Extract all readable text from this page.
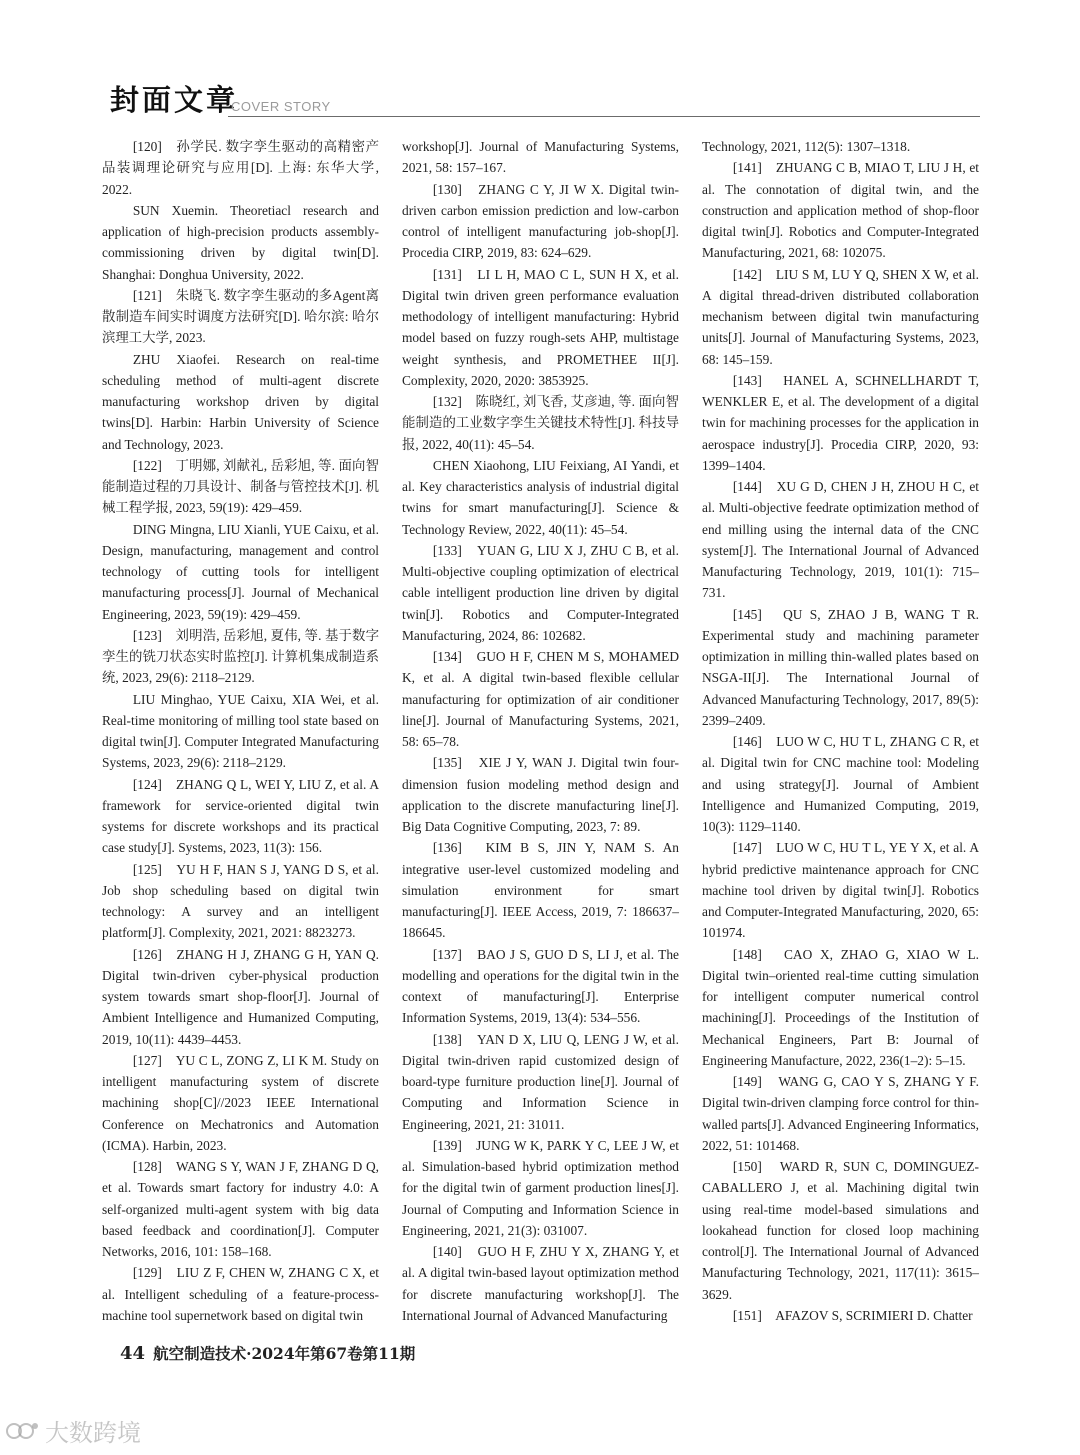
封面文章
COVER STORY

[120]　孙学民. 数字孪生驱动的高精密产品装调理论研究与应用[D]. 上海: 东华大学, 2022.

SUN Xuemin. Theoretiacl research and application of high-precision products assembly-commissioning driven by digital twin[D]. Shanghai: Donghua University, 2022.

[121]　朱晓飞. 数字孪生驱动的多Agent离散制造车间实时调度方法研究[D]. 哈尔滨: 哈尔滨理工大学, 2023.

ZHU Xiaofei. Research on real-time scheduling method of multi-agent discrete manufacturing workshop driven by digital twins[D]. Harbin: Harbin University of Science and Technology, 2023.

[122]　丁明娜, 刘献礼, 岳彩旭, 等. 面向智能制造过程的刀具设计、制备与管控技术[J]. 机械工程学报, 2023, 59(19): 429–459.

DING Mingna, LIU Xianli, YUE Caixu, et al. Design, manufacturing, management and control technology of cutting tools for intelligent manufacturing process[J]. Journal of Mechanical Engineering, 2023, 59(19): 429–459.

[123]　刘明浩, 岳彩旭, 夏伟, 等. 基于数字孪生的铣刀状态实时监控[J]. 计算机集成制造系统, 2023, 29(6): 2118–2129.

LIU Minghao, YUE Caixu, XIA Wei, et al. Real-time monitoring of milling tool state based on digital twin[J]. Computer Integrated Manufacturing Systems, 2023, 29(6): 2118–2129.

[124]　ZHANG Q L, WEI Y, LIU Z, et al. A framework for service-oriented digital twin systems for discrete workshops and its practical case study[J]. Systems, 2023, 11(3): 156.

[125]　YU H F, HAN S J, YANG D S, et al. Job shop scheduling based on digital twin technology: A survey and an intelligent platform[J]. Complexity, 2021, 2021: 8823273.

[126]　ZHANG H J, ZHANG G H, YAN Q. Digital twin-driven cyber-physical production system towards smart shop-floor[J]. Journal of Ambient Intelligence and Humanized Computing, 2019, 10(11): 4439–4453.

[127]　YU C L, ZONG Z, LI K M. Study on intelligent manufacturing system of discrete machining shop[C]//2023 IEEE International Conference on Mechatronics and Automation (ICMA). Harbin, 2023.

[128]　WANG S Y, WAN J F, ZHANG D Q, et al. Towards smart factory for industry 4.0: A self-organized multi-agent system with big data based feedback and coordination[J]. Computer Networks, 2016, 101: 158–168.

[129]　LIU Z F, CHEN W, ZHANG C X, et al. Intelligent scheduling of a feature-process-machine tool supernetwork based on digital twin

workshop[J]. Journal of Manufacturing Systems, 2021, 58: 157–167.

[130]　ZHANG C Y, JI W X. Digital twin-driven carbon emission prediction and low-carbon control of intelligent manufacturing job-shop[J]. Procedia CIRP, 2019, 83: 624–629.

[131]　LI L H, MAO C L, SUN H X, et al. Digital twin driven green performance evaluation methodology of intelligent manufacturing: Hybrid model based on fuzzy rough-sets AHP, multistage weight synthesis, and PROMETHEE II[J]. Complexity, 2020, 2020: 3853925.

[132]　陈晓红, 刘飞香, 艾彦迪, 等. 面向智能制造的工业数字孪生关键技术特性[J]. 科技导报, 2022, 40(11): 45–54.

CHEN Xiaohong, LIU Feixiang, AI Yandi, et al. Key characteristics analysis of industrial digital twins for smart manufacturing[J]. Science & Technology Review, 2022, 40(11): 45–54.

[133]　YUAN G, LIU X J, ZHU C B, et al. Multi-objective coupling optimization of electrical cable intelligent production line driven by digital twin[J]. Robotics and Computer-Integrated Manufacturing, 2024, 86: 102682.

[134]　GUO H F, CHEN M S, MOHAMED K, et al. A digital twin-based flexible cellular manufacturing for optimization of air conditioner line[J]. Journal of Manufacturing Systems, 2021, 58: 65–78.

[135]　XIE J Y, WAN J. Digital twin four-dimension fusion modeling method design and application to the discrete manufacturing line[J]. Big Data Cognitive Computing, 2023, 7: 89.

[136]　KIM B S, JIN Y, NAM S. An integrative user-level customized modeling and simulation environment for smart manufacturing[J]. IEEE Access, 2019, 7: 186637–186645.

[137]　BAO J S, GUO D S, LI J, et al. The modelling and operations for the digital twin in the context of manufacturing[J]. Enterprise Information Systems, 2019, 13(4): 534–556.

[138]　YAN D X, LIU Q, LENG J W, et al. Digital twin-driven rapid customized design of board-type furniture production line[J]. Journal of Computing and Information Science in Engineering, 2021, 21: 31011.

[139]　JUNG W K, PARK Y C, LEE J W, et al. Simulation-based hybrid optimization method for the digital twin of garment production lines[J]. Journal of Computing and Information Science in Engineering, 2021, 21(3): 031007.

[140]　GUO H F, ZHU Y X, ZHANG Y, et al. A digital twin-based layout optimization method for discrete manufacturing workshop[J]. The International Journal of Advanced Manufacturing

Technology, 2021, 112(5): 1307–1318.

[141]　ZHUANG C B, MIAO T, LIU J H, et al. The connotation of digital twin, and the construction and application method of shop-floor digital twin[J]. Robotics and Computer-Integrated Manufacturing, 2021, 68: 102075.

[142]　LIU S M, LU Y Q, SHEN X W, et al. A digital thread-driven distributed collaboration mechanism between digital twin manufacturing units[J]. Journal of Manufacturing Systems, 2023, 68: 145–159.

[143]　HANEL A, SCHNELLHARDT T, WENKLER E, et al. The development of a digital twin for machining processes for the application in aerospace industry[J]. Procedia CIRP, 2020, 93: 1399–1404.

[144]　XU G D, CHEN J H, ZHOU H C, et al. Multi-objective feedrate optimization method of end milling using the internal data of the CNC system[J]. The International Journal of Advanced Manufacturing Technology, 2019, 101(1): 715–731.

[145]　QU S, ZHAO J B, WANG T R. Experimental study and machining parameter optimization in milling thin-walled plates based on NSGA-II[J]. The International Journal of Advanced Manufacturing Technology, 2017, 89(5): 2399–2409.

[146]　LUO W C, HU T L, ZHANG C R, et al. Digital twin for CNC machine tool: Modeling and using strategy[J]. Journal of Ambient Intelligence and Humanized Computing, 2019, 10(3): 1129–1140.

[147]　LUO W C, HU T L, YE Y X, et al. A hybrid predictive maintenance approach for CNC machine tool driven by digital twin[J]. Robotics and Computer-Integrated Manufacturing, 2020, 65: 101974.

[148]　CAO X, ZHAO G, XIAO W L. Digital twin–oriented real-time cutting simulation for intelligent computer numerical control machining[J]. Proceedings of the Institution of Mechanical Engineers, Part B: Journal of Engineering Manufacture, 2022, 236(1–2): 5–15.

[149]　WANG G, CAO Y S, ZHANG Y F. Digital twin-driven clamping force control for thin-walled parts[J]. Advanced Engineering Informatics, 2022, 51: 101468.

[150]　WARD R, SUN C, DOMINGUEZ-CABALLERO J, et al. Machining digital twin using real-time model-based simulations and lookahead function for closed loop machining control[J]. The International Journal of Advanced Manufacturing Technology, 2021, 117(11): 3615–3629.

[151]　AFAZOV S, SCRIMIERI D. Chatter

44 航空制造技术·2024年第67卷第11期
大数跨境
